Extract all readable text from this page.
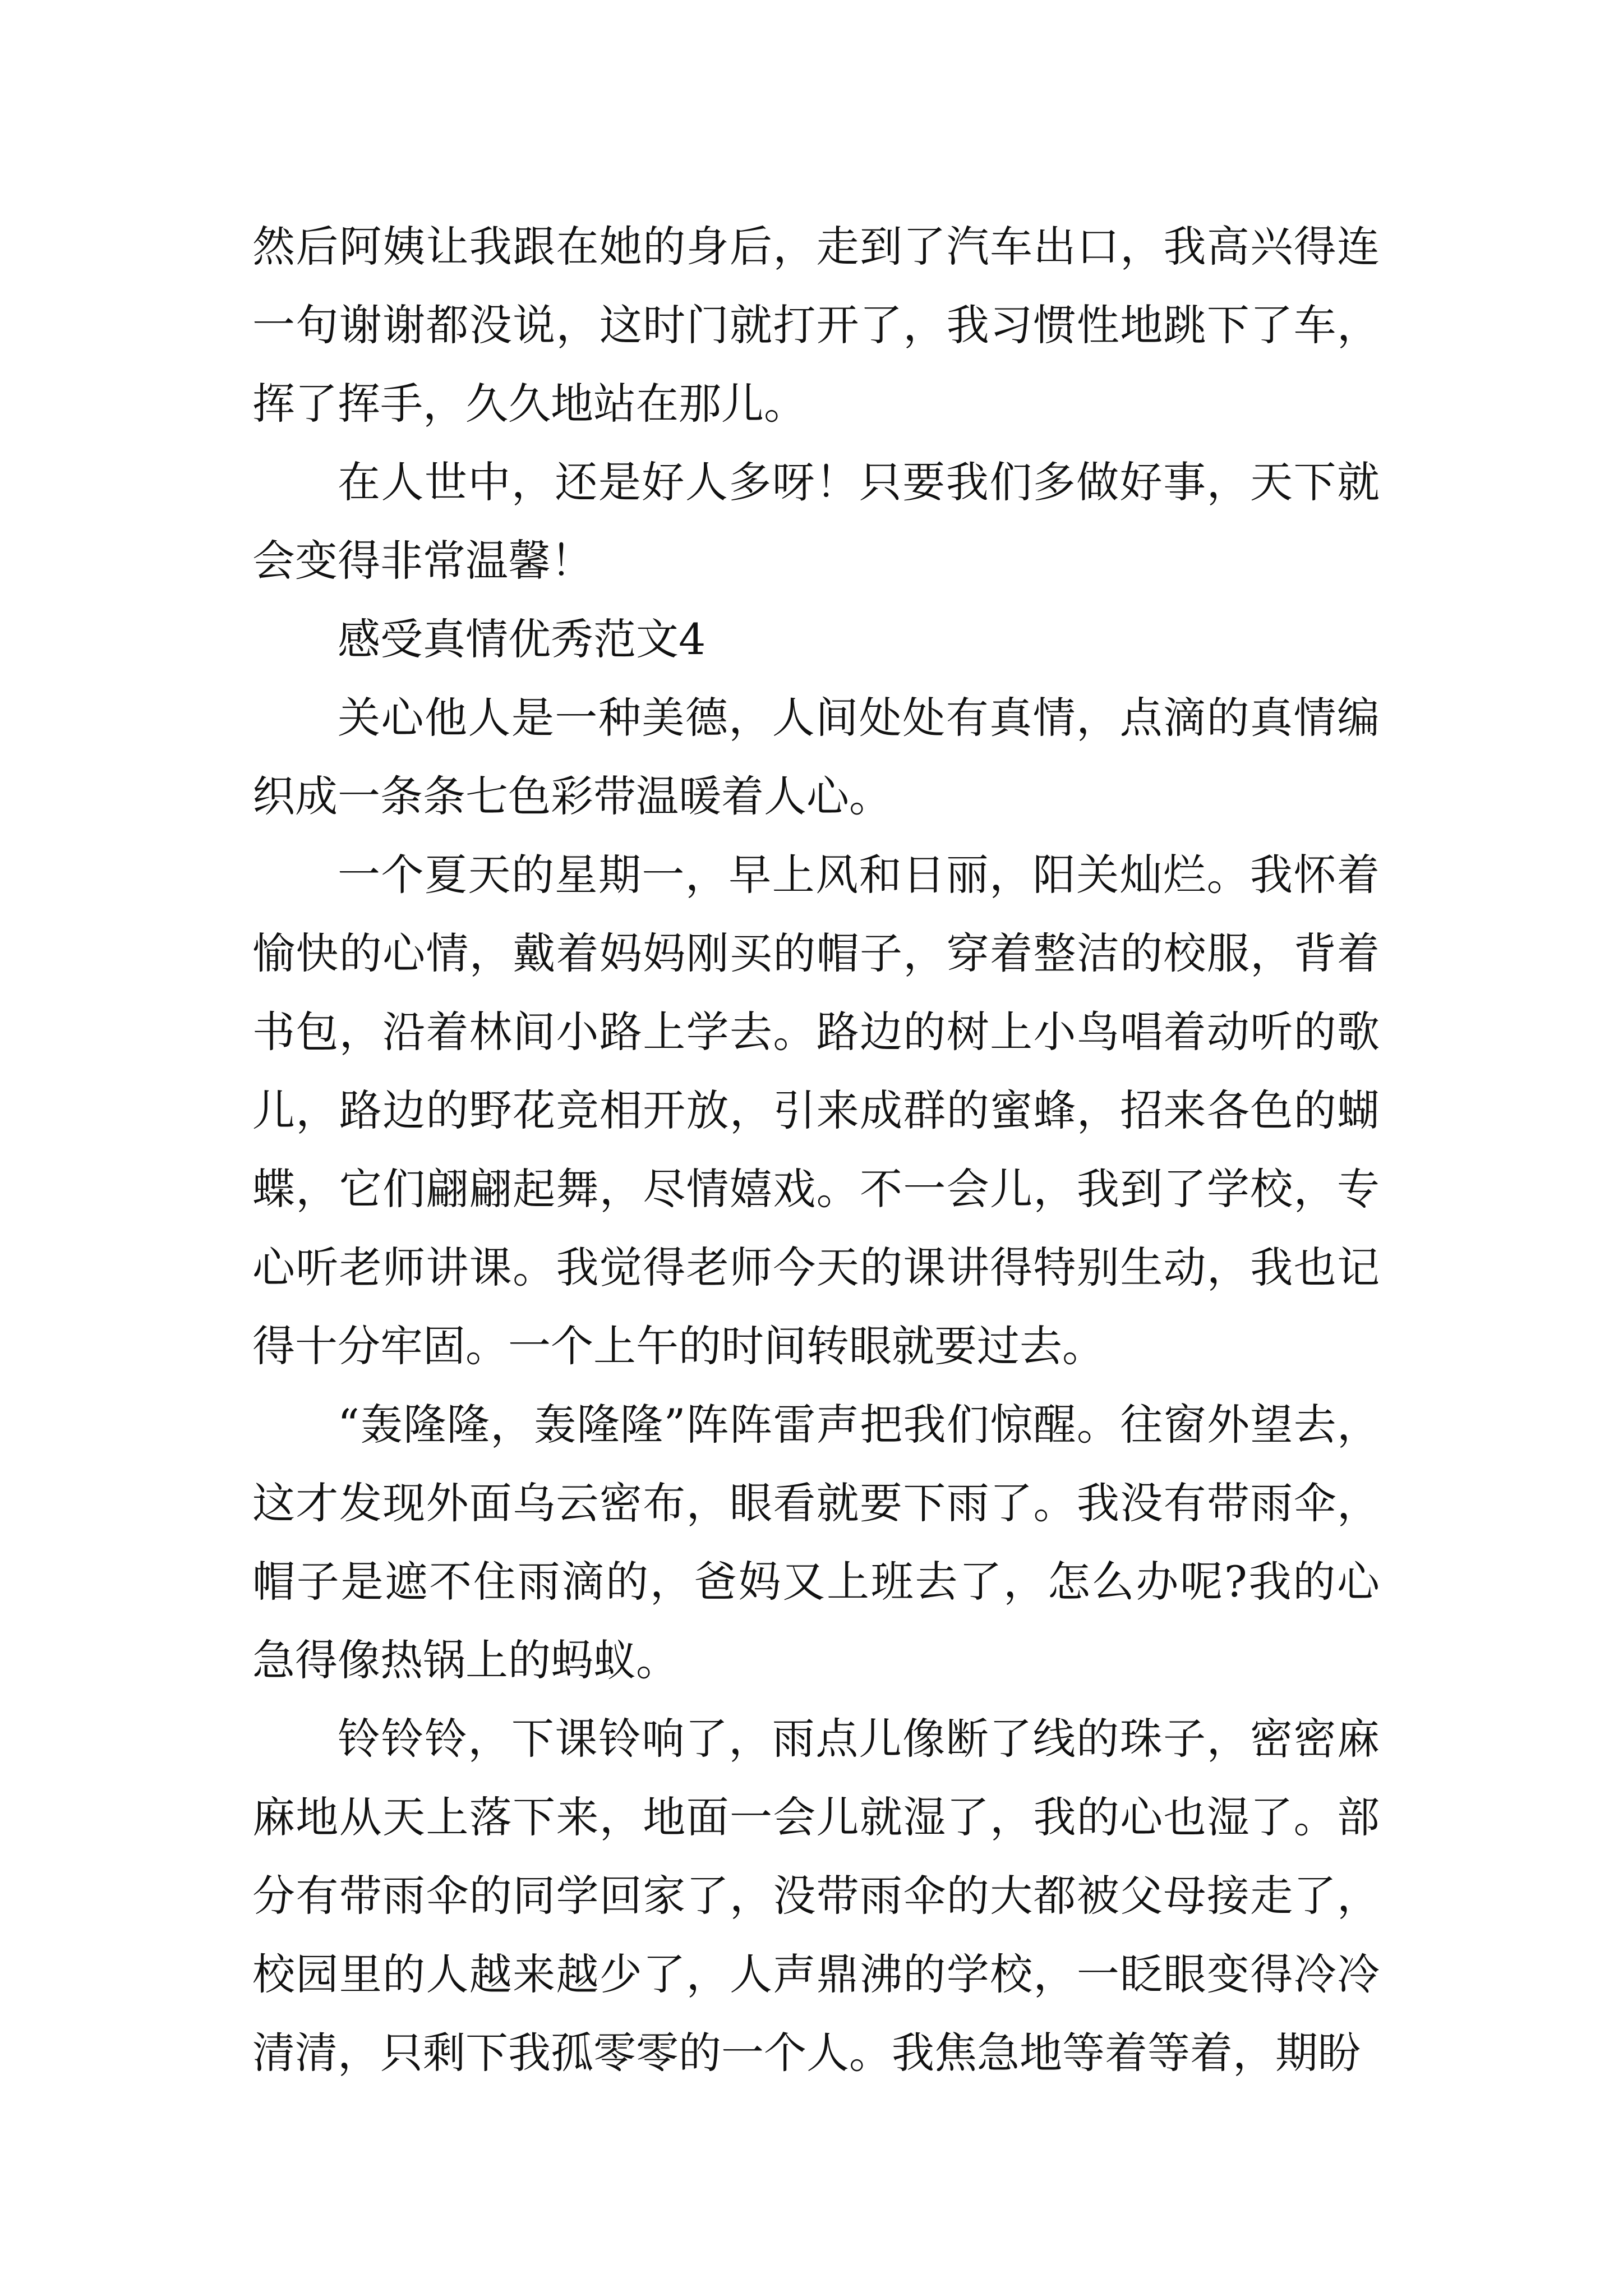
然后阿姨让我跟在她的身后，走到了汽车出口，我高兴得连一句谢谢都没说，这时门就打开了，我习惯性地跳下了车，挥了挥手，久久地站在那儿。

在人世中，还是好人多呀！只要我们多做好事，天下就会变得非常温馨！

感受真情优秀范文4

关心他人是一种美德，人间处处有真情，点滴的真情编织成一条条七色彩带温暖着人心。

一个夏天的星期一，早上风和日丽，阳关灿烂。我怀着愉快的心情，戴着妈妈刚买的帽子，穿着整洁的校服，背着书包，沿着林间小路上学去。路边的树上小鸟唱着动听的歌儿，路边的野花竞相开放，引来成群的蜜蜂，招来各色的蝴蝶，它们翩翩起舞，尽情嬉戏。不一会儿，我到了学校，专心听老师讲课。我觉得老师今天的课讲得特别生动，我也记得十分牢固。一个上午的时间转眼就要过去。

“轰隆隆，轰隆隆”阵阵雷声把我们惊醒。往窗外望去，这才发现外面乌云密布，眼看就要下雨了。我没有带雨伞，帽子是遮不住雨滴的，爸妈又上班去了，怎么办呢?我的心急得像热锅上的蚂蚁。

铃铃铃，下课铃响了，雨点儿像断了线的珠子，密密麻麻地从天上落下来，地面一会儿就湿了，我的心也湿了。部分有带雨伞的同学回家了，没带雨伞的大都被父母接走了，校园里的人越来越少了，人声鼎沸的学校，一眨眼变得冷冷清清，只剩下我孤零零的一个人。我焦急地等着等着，期盼
